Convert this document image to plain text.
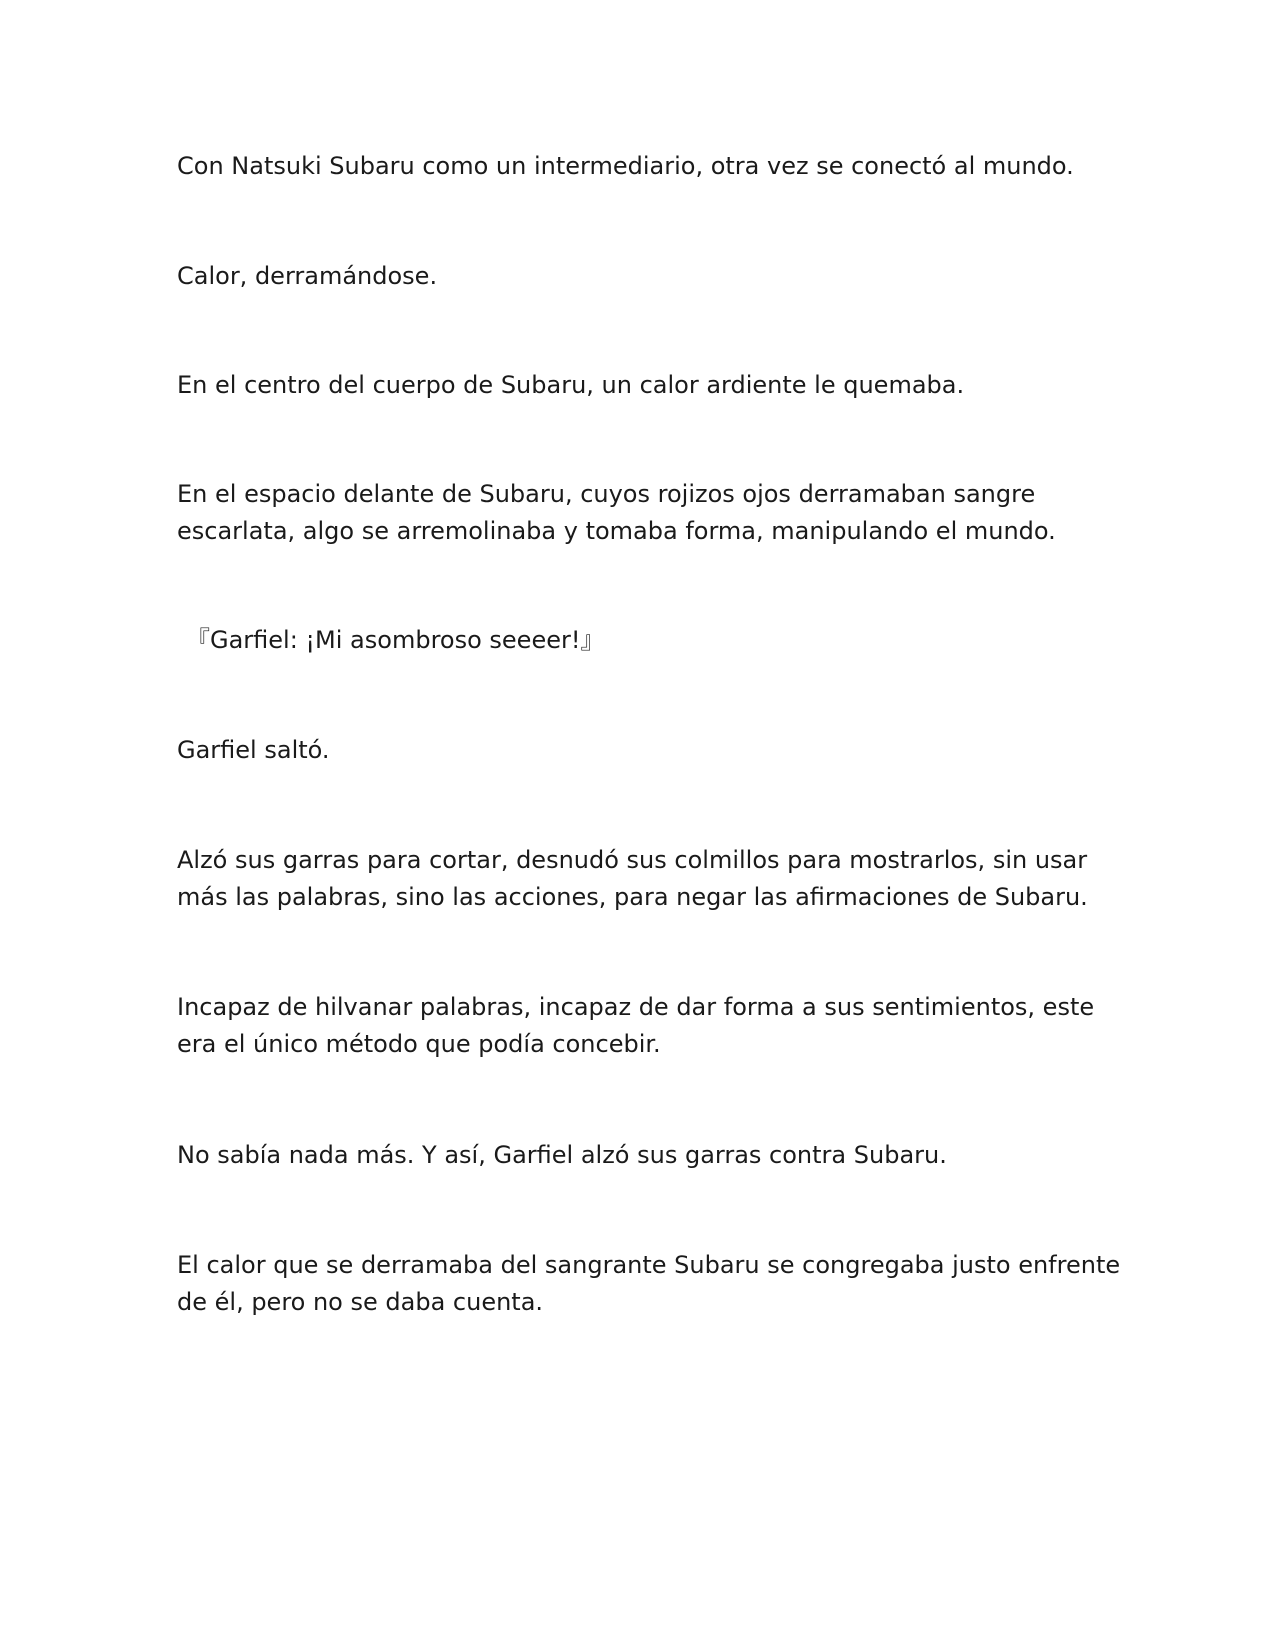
Con Natsuki Subaru como un intermediario, otra vez se conectó al mundo.

Calor, derramándose.

En el centro del cuerpo de Subaru, un calor ardiente le quemaba.

En el espacio delante de Subaru, cuyos rojizos ojos derramaban sangre
escarlata, algo se arremolinaba y tomaba forma, manipulando el mundo.

『Garfiel: ¡Mi asombroso seeeer!』

Garfiel saltó.

Alzó sus garras para cortar, desnudó sus colmillos para mostrarlos, sin usar
más las palabras, sino las acciones, para negar las afirmaciones de Subaru.

Incapaz de hilvanar palabras, incapaz de dar forma a sus sentimientos, este
era el único método que podía concebir.

No sabía nada más. Y así, Garfiel alzó sus garras contra Subaru.

El calor que se derramaba del sangrante Subaru se congregaba justo enfrente
de él, pero no se daba cuenta.
